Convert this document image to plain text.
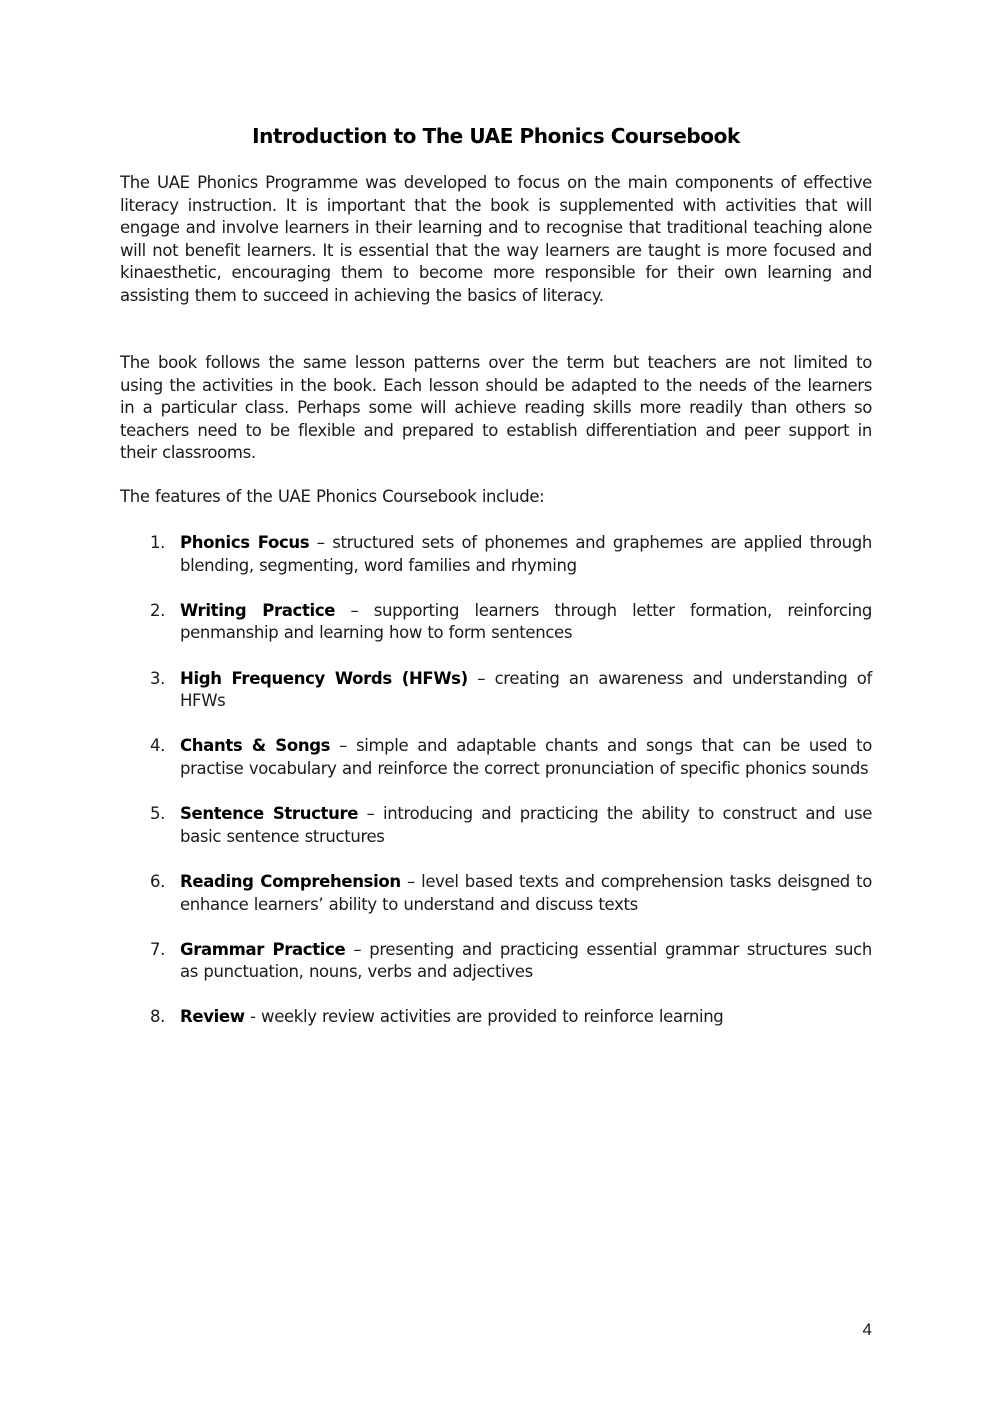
Introduction to The UAE Phonics Coursebook

The UAE Phonics Programme was developed to focus on the main components of effective literacy instruction. It is important that the book is supplemented with activities that will engage and involve learners in their learning and to recognise that traditional teaching alone will not benefit learners. It is essential that the way learners are taught is more focused and kinaesthetic, encouraging them to become more responsible for their own learning and assisting them to succeed in achieving the basics of literacy.

The book follows the same lesson patterns over the term but teachers are not limited to using the activities in the book. Each lesson should be adapted to the needs of the learners in a particular class. Perhaps some will achieve reading skills more readily than others so teachers need to be flexible and prepared to establish differentiation and peer support in their classrooms.

The features of the UAE Phonics Coursebook include:

1. Phonics Focus – structured sets of phonemes and graphemes are applied through blending, segmenting, word families and rhyming
2. Writing Practice – supporting learners through letter formation, reinforcing penmanship and learning how to form sentences
3. High Frequency Words (HFWs) – creating an awareness and understanding of HFWs
4. Chants & Songs – simple and adaptable chants and songs that can be used to practise vocabulary and reinforce the correct pronunciation of specific phonics sounds
5. Sentence Structure – introducing and practicing the ability to construct and use basic sentence structures
6. Reading Comprehension – level based texts and comprehension tasks deisgned to enhance learners’ ability to understand and discuss texts
7. Grammar Practice – presenting and practicing essential grammar structures such as punctuation, nouns, verbs and adjectives
8. Review - weekly review activities are provided to reinforce learning
4
